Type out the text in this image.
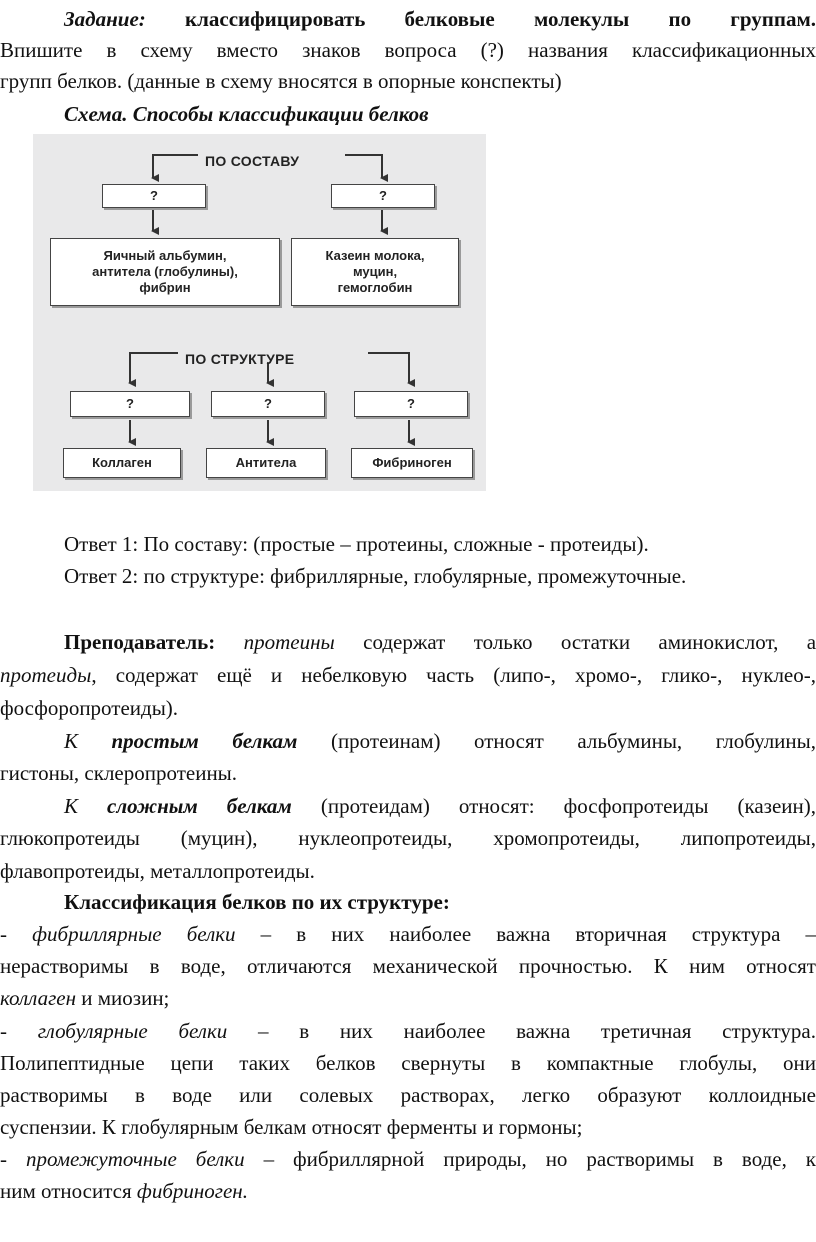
Задание: классифицировать белковые молекулы по группам.
Впишите в схему вместо знаков вопроса (?) названия классификационных
групп белков. (данные в схему вносятся в опорные конспекты)
Схема. Способы классификации белков
ПО СОСТАВУ
?	?
Яичный альбумин,
антитела (глобулины),
фибрин
Казеин молока,
муцин,
гемоглобин
ПО СТРУКТУРЕ
?	?	?
Коллаген	Антитела	Фибриноген
Ответ 1: По составу: (простые – протеины, сложные - протеиды).
Ответ 2: по структуре: фибриллярные, глобулярные, промежуточные.
Преподаватель: протеины содержат только остатки аминокислот, а
протеиды, содержат ещё и небелковую часть (липо-, хромо-, глико-, нуклео-,
фосфоропротеиды).
К простым белкам (протеинам) относят альбумины, глобулины,
гистоны, склеропротеины.
К сложным белкам (протеидам) относят: фосфопротеиды (казеин),
глюкопротеиды (муцин), нуклеопротеиды, хромопротеиды, липопротеиды,
флавопротеиды, металлопротеиды.
Классификация белков по их структуре:
- фибриллярные белки – в них наиболее важна вторичная структура –
нерастворимы в воде, отличаются механической прочностью. К ним относят
коллаген и миозин;
- глобулярные белки – в них наиболее важна третичная структура.
Полипептидные цепи таких белков свернуты в компактные глобулы, они
растворимы в воде или солевых растворах, легко образуют коллоидные
суспензии. К глобулярным белкам относят ферменты и гормоны;
- промежуточные белки – фибриллярной природы, но растворимы в воде, к
ним относится фибриноген.
